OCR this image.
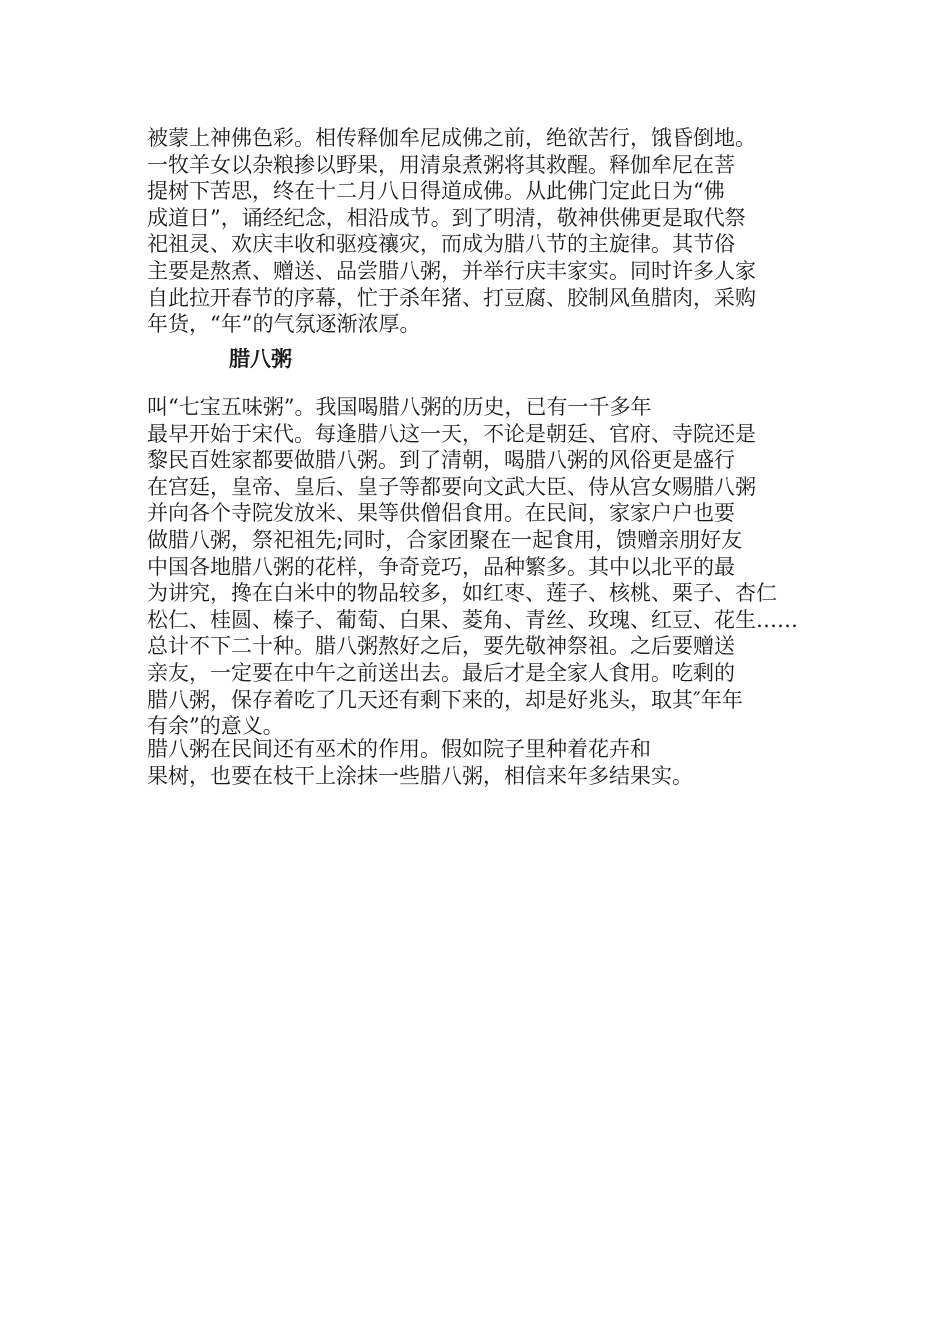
被蒙上神佛色彩。相传释伽牟尼成佛之前，绝欲苦行，饿昏倒地。
一牧羊女以杂粮掺以野果，用清泉煮粥将其救醒。释伽牟尼在菩
提树下苦思，终在十二月八日得道成佛。从此佛门定此日为“佛
成道日”，诵经纪念，相沿成节。到了明清，敬神供佛更是取代祭
祀祖灵、欢庆丰收和驱疫禳灾，而成为腊八节的主旋律。其节俗
主要是熬煮、赠送、品尝腊八粥，并举行庆丰家实。同时许多人家
自此拉开春节的序幕，忙于杀年猪、打豆腐、胶制风鱼腊肉，采购
年货，“年”的气氛逐渐浓厚。

腊八粥

叫“七宝五味粥”。我国喝腊八粥的历史，已有一千多年
最早开始于宋代。每逢腊八这一天，不论是朝廷、官府、寺院还是
黎民百姓家都要做腊八粥。到了清朝，喝腊八粥的风俗更是盛行
在宫廷，皇帝、皇后、皇子等都要向文武大臣、侍从宫女赐腊八粥
并向各个寺院发放米、果等供僧侣食用。在民间，家家户户也要
做腊八粥，祭祀祖先;同时，合家团聚在一起食用，馈赠亲朋好友
中国各地腊八粥的花样，争奇竞巧，品种繁多。其中以北平的最
为讲究，搀在白米中的物品较多，如红枣、莲子、核桃、栗子、杏仁
松仁、桂圆、榛子、葡萄、白果、菱角、青丝、玫瑰、红豆、花生……
总计不下二十种。腊八粥熬好之后，要先敬神祭祖。之后要赠送
亲友，一定要在中午之前送出去。最后才是全家人食用。吃剩的
腊八粥，保存着吃了几天还有剩下来的，却是好兆头，取其″年年
有余”的意义。

腊八粥在民间还有巫术的作用。假如院子里种着花卉和
果树，也要在枝干上涂抹一些腊八粥，相信来年多结果实。
